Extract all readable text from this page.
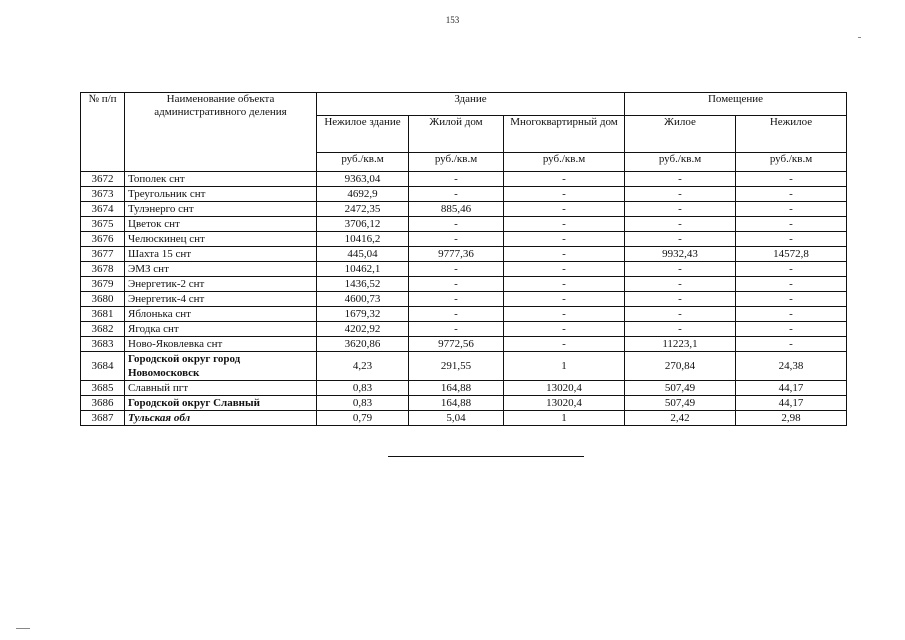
153
№ п/п	Наименование объекта административного деления	Здание			Помещение	
		Нежилое здание	Жилой дом	Многоквартирный дом	Жилое	Нежилое
		руб./кв.м	руб./кв.м	руб./кв.м	руб./кв.м	руб./кв.м
3672	Тополек снт	9363,04	-	-	-	-
3673	Треугольник снт	4692,9	-	-	-	-
3674	Тулэнерго снт	2472,35	885,46	-	-	-
3675	Цветок снт	3706,12	-	-	-	-
3676	Челюскинец снт	10416,2	-	-	-	-
3677	Шахта 15 снт	445,04	9777,36	-	9932,43	14572,8
3678	ЭМЗ снт	10462,1	-	-	-	-
3679	Энергетик-2 снт	1436,52	-	-	-	-
3680	Энергетик-4 снт	4600,73	-	-	-	-
3681	Яблонька снт	1679,32	-	-	-	-
3682	Ягодка снт	4202,92	-	-	-	-
3683	Ново-Яковлевка снт	3620,86	9772,56	-	11223,1	-
3684	Городской округ город Новомосковск	4,23	291,55	1	270,84	24,38
3685	Славный пгт	0,83	164,88	13020,4	507,49	44,17
3686	Городской округ Славный	0,83	164,88	13020,4	507,49	44,17
3687	Тульская обл	0,79	5,04	1	2,42	2,98
